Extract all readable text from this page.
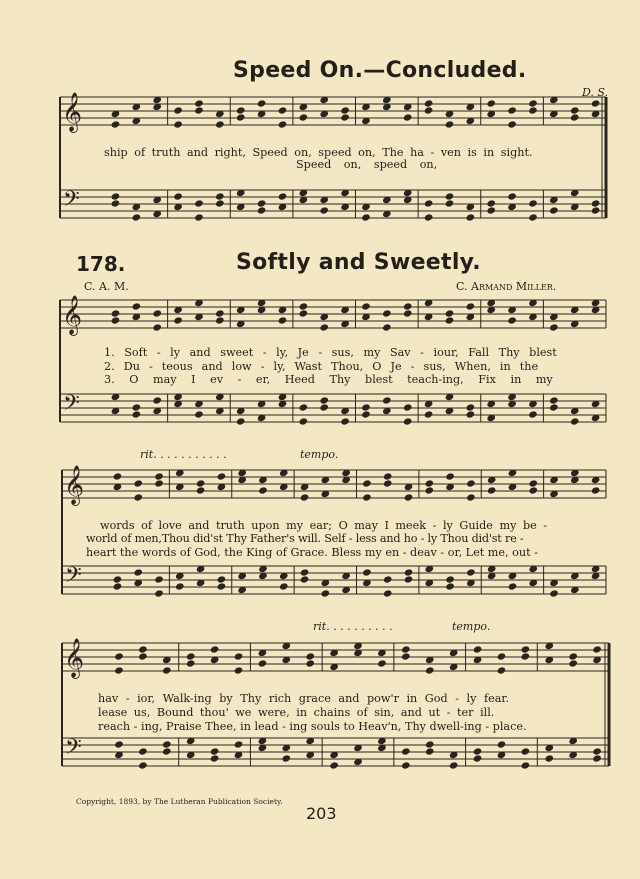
Speed On.—Concluded.
D. S.
ship of truth and right, Speed on, speed on, The ha - ven is in sight.
Speed on, speed on,
178.	Softly and Sweetly.
C. A. M.	C. Armand Miller.
1. Soft - ly and sweet - ly, Je - sus, my Sav - iour, Fall Thy blest
2. Du - teous and low - ly, Wast Thou, O Je - sus, When, in the
3. O may I ev - er, Heed Thy blest teach-ing, Fix in my
rit. . . . . . . . . . .	tempo.
words of love and truth upon my ear; O may I meek - ly Guide my be -
world of men,Thou did'st Thy Father's will. Self - less and ho - ly Thou did'st re -
heart the words of God, the King of Grace. Bless my en - deav - or, Let me, out -
rit. . . . . . . . . .	tempo.
hav - ior, Walk-ing by Thy rich grace and pow'r in God - ly fear.
lease us, Bound thou' we were, in chains of sin, and ut - ter ill.
reach - ing, Praise Thee, in lead - ing souls to Heav'n, Thy dwell-ing - place.
Copyright, 1893, by The Lutheran Publication Society.
203
𝄞
𝄢
𝄞
𝄢
𝄞
𝄢
𝄞
𝄢
